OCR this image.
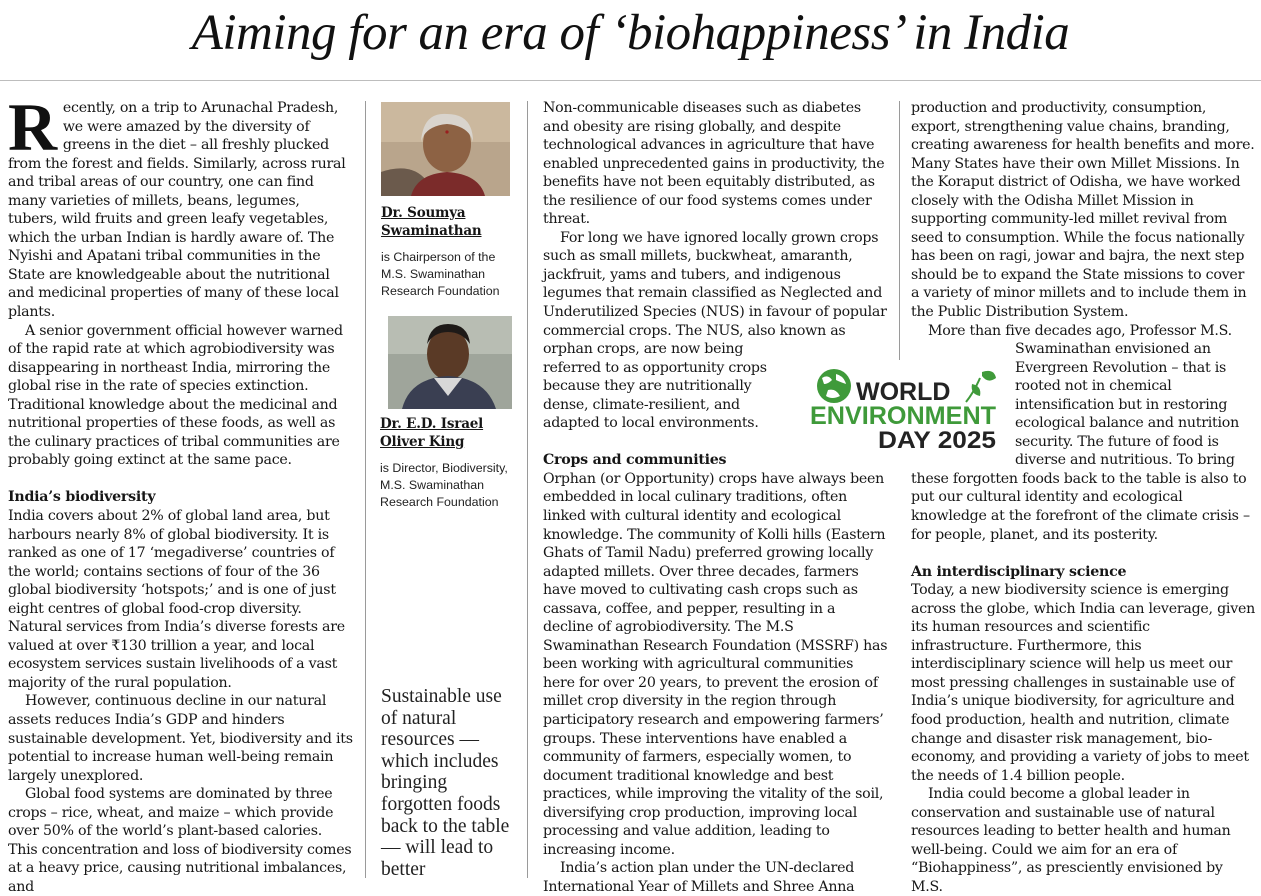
Aiming for an era of ‘biohappiness’ in India

Recently, on a trip to Arunachal Pradesh, we were amazed by the diversity of greens in the diet – all freshly plucked from the forest and fields. Similarly, across rural and tribal areas of our country, one can find many varieties of millets, beans, legumes, tubers, wild fruits and green leafy vegetables, which the urban Indian is hardly aware of. The Nyishi and Apatani tribal communities in the State are knowledgeable about the nutritional and medicinal properties of many of these local plants.

A senior government official however warned of the rapid rate at which agrobiodiversity was disappearing in northeast India, mirroring the global rise in the rate of species extinction. Traditional knowledge about the medicinal and nutritional properties of these foods, as well as the culinary practices of tribal communities are probably going extinct at the same pace.

India’s biodiversity

India covers about 2% of global land area, but harbours nearly 8% of global biodiversity. It is ranked as one of 17 ‘megadiverse’ countries of the world; contains sections of four of the 36 global biodiversity ‘hotspots;’ and is one of just eight centres of global food-crop diversity. Natural services from India’s diverse forests are valued at over ₹130 trillion a year, and local ecosystem services sustain livelihoods of a vast majority of the rural population.

However, continuous decline in our natural assets reduces India’s GDP and hinders sustainable development. Yet, biodiversity and its potential to increase human well-being remain largely unexplored.

Global food systems are dominated by three crops – rice, wheat, and maize – which provide over 50% of the world’s plant-based calories. This concentration and loss of biodiversity comes at a heavy price, causing nutritional imbalances, and

Dr. Soumya Swaminathan
is Chairperson of the M.S. Swaminathan Research Foundation
Dr. E.D. Israel Oliver King
is Director, Biodiversity, M.S. Swaminathan Research Foundation
Sustainable use of natural resources — which includes bringing forgotten foods back to the table — will lead to better

Non-communicable diseases such as diabetes and obesity are rising globally, and despite technological advances in agriculture that have enabled unprecedented gains in productivity, the benefits have not been equitably distributed, as the resilience of our food systems comes under threat.

For long we have ignored locally grown crops such as small millets, buckwheat, amaranth, jackfruit, yams and tubers, and indigenous legumes that remain classified as Neglected and Underutilized Species (NUS) in favour of popular commercial crops. The NUS, also known as

orphan crops, are now being referred to as opportunity crops because they are nutritionally dense, climate-resilient, and adapted to local environments.

Crops and communities

Orphan (or Opportunity) crops have always been embedded in local culinary traditions, often linked with cultural identity and ecological knowledge. The community of Kolli hills (Eastern Ghats of Tamil Nadu) preferred growing locally adapted millets. Over three decades, farmers have moved to cultivating cash crops such as cassava, coffee, and pepper, resulting in a decline of agrobiodiversity. The M.S Swaminathan Research Foundation (MSSRF) has been working with agricultural communities here for over 20 years, to prevent the erosion of millet crop diversity in the region through participatory research and empowering farmers’ groups. These interventions have enabled a community of farmers, especially women, to document traditional knowledge and best practices, while improving the vitality of the soil, diversifying crop production, improving local processing and value addition, leading to increasing income.

India’s action plan under the UN-declared International Year of Millets and Shree Anna

WORLD
ENVIRONMENT
DAY 2025

production and productivity, consumption, export, strengthening value chains, branding, creating awareness for health benefits and more. Many States have their own Millet Missions. In the Koraput district of Odisha, we have worked closely with the Odisha Millet Mission in supporting community-led millet revival from seed to consumption. While the focus nationally has been on ragi, jowar and bajra, the next step should be to expand the State missions to cover a variety of minor millets and to include them in the Public Distribution System.

More than five decades ago, Professor M.S.

Swaminathan envisioned an Evergreen Revolution – that is rooted not in chemical intensification but in restoring ecological balance and nutrition security. The future of food is diverse and nutritious. To bring

these forgotten foods back to the table is also to put our cultural identity and ecological knowledge at the forefront of the climate crisis – for people, planet, and its posterity.

An interdisciplinary science

Today, a new biodiversity science is emerging across the globe, which India can leverage, given its human resources and scientific infrastructure. Furthermore, this interdisciplinary science will help us meet our most pressing challenges in sustainable use of India’s unique biodiversity, for agriculture and food production, health and nutrition, climate change and disaster risk management, bio-economy, and providing a variety of jobs to meet the needs of 1.4 billion people.

India could become a global leader in conservation and sustainable use of natural resources leading to better health and human well-being. Could we aim for an era of “Biohappiness”, as presciently envisioned by M.S.
